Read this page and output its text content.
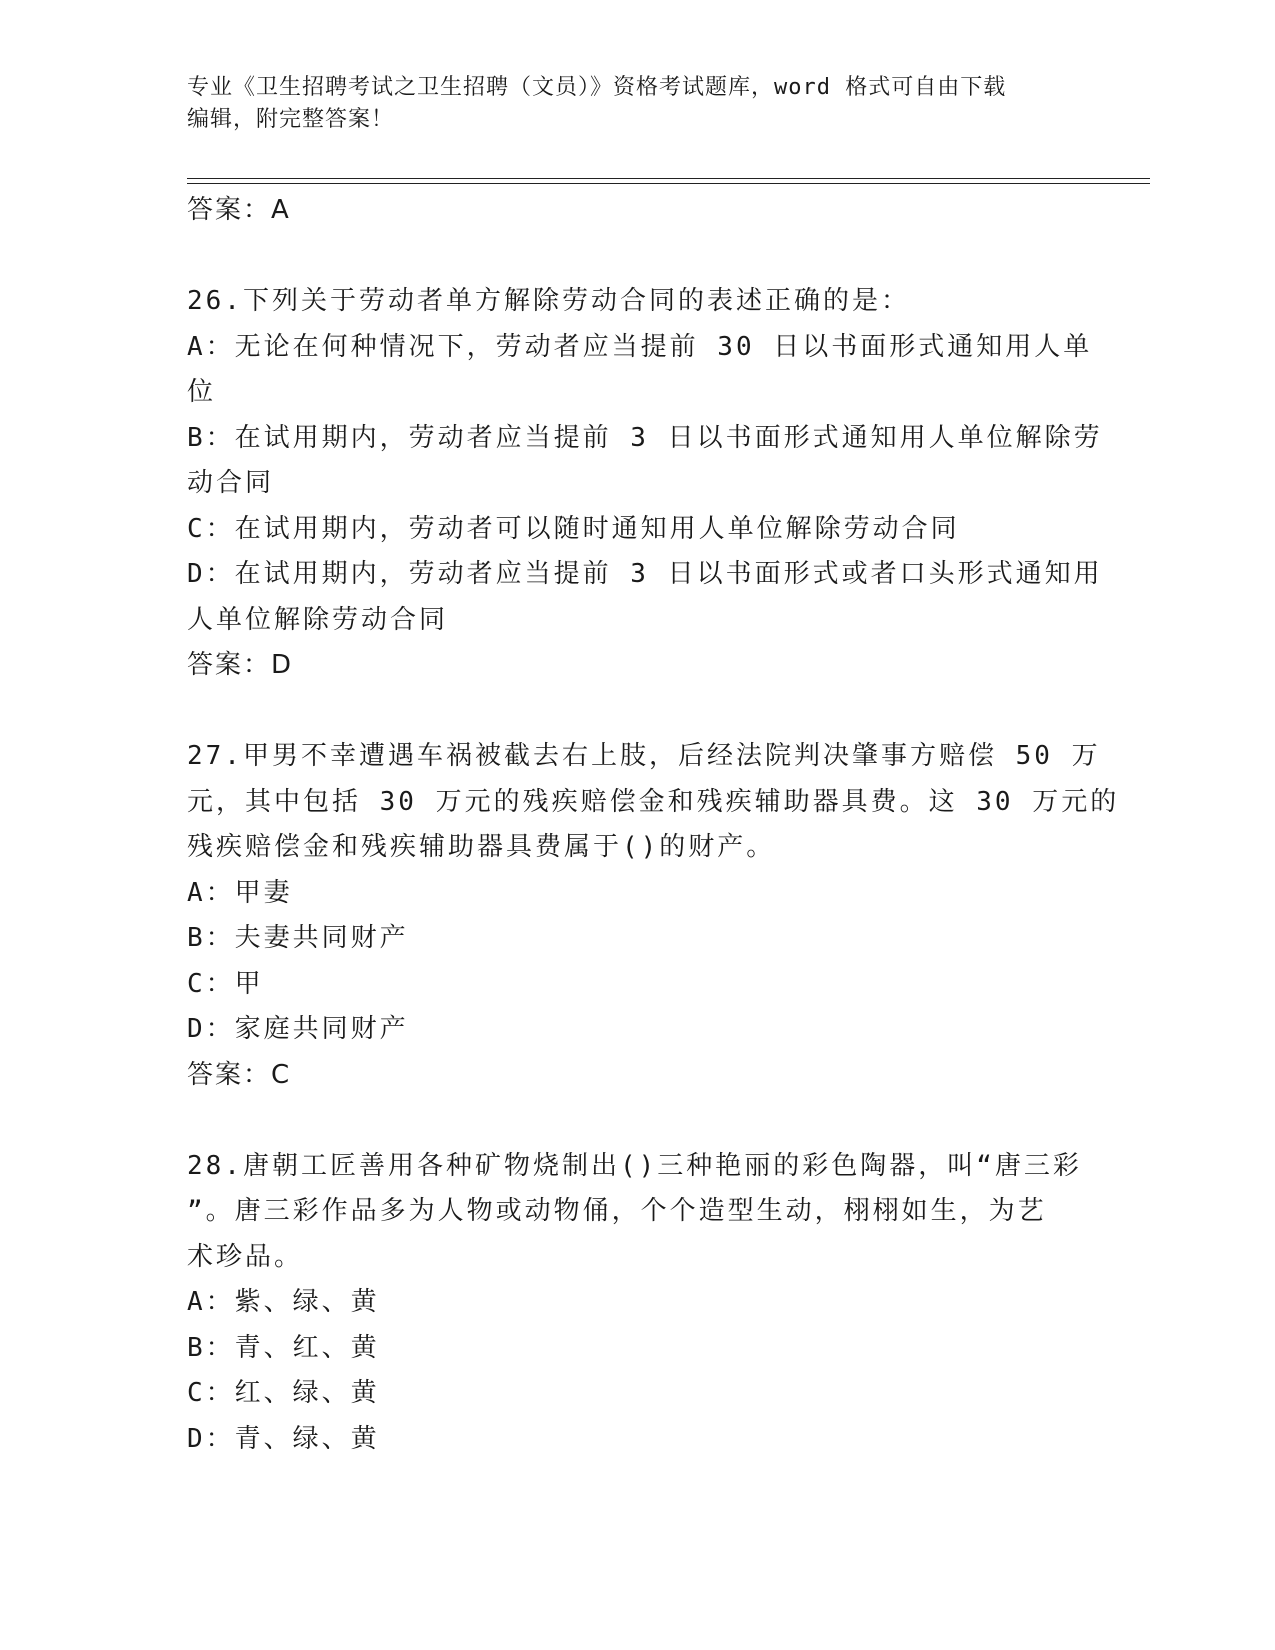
专业《卫生招聘考试之卫生招聘（文员）》资格考试题库，word 格式可自由下载
编辑，附完整答案！
答案：A
26.下列关于劳动者单方解除劳动合同的表述正确的是：
A：无论在何种情况下，劳动者应当提前 30 日以书面形式通知用人单
位
B：在试用期内，劳动者应当提前 3 日以书面形式通知用人单位解除劳
动合同
C：在试用期内，劳动者可以随时通知用人单位解除劳动合同
D：在试用期内，劳动者应当提前 3 日以书面形式或者口头形式通知用
人单位解除劳动合同
答案：D
27.甲男不幸遭遇车祸被截去右上肢，后经法院判决肇事方赔偿 50 万
元，其中包括 30 万元的残疾赔偿金和残疾辅助器具费。这 30 万元的
残疾赔偿金和残疾辅助器具费属于()的财产。
A：甲妻
B：夫妻共同财产
C：甲
D：家庭共同财产
答案：C
28.唐朝工匠善用各种矿物烧制出()三种艳丽的彩色陶器，叫“唐三彩
”。唐三彩作品多为人物或动物俑，个个造型生动，栩栩如生，为艺
术珍品。
A：紫、绿、黄
B：青、红、黄
C：红、绿、黄
D：青、绿、黄
